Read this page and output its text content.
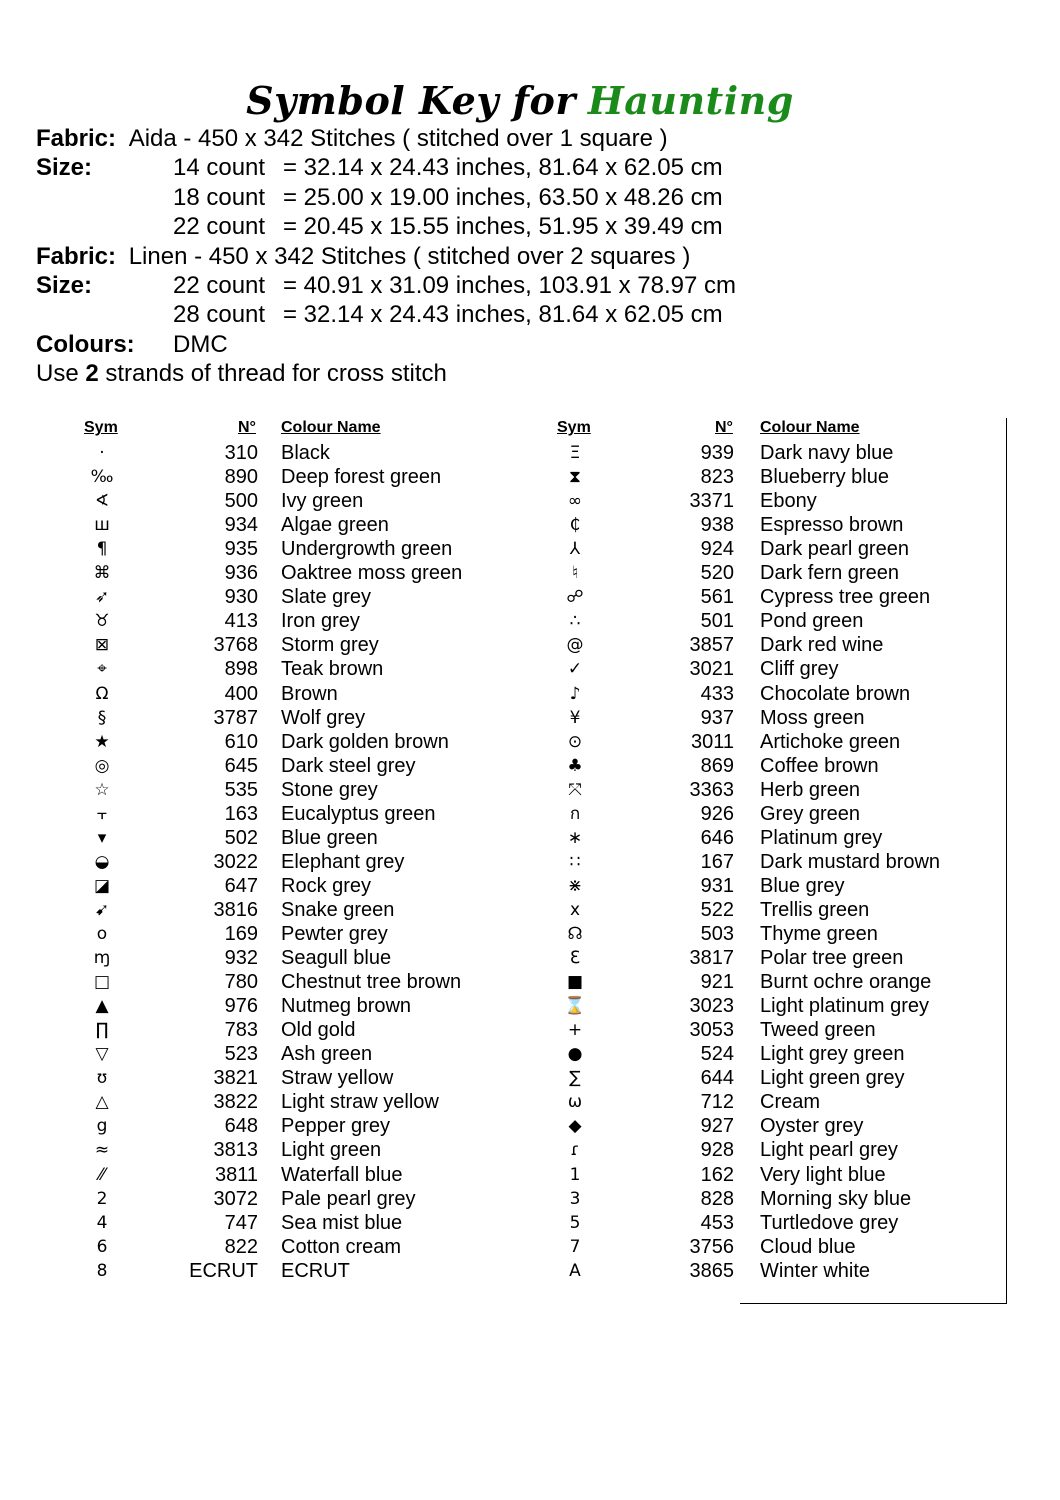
Symbol Key for Haunting
Fabric: Aida - 450 x 342 Stitches ( stitched over 1 square )
Size:	14 count = 32.14 x 24.43 inches, 81.64 x 62.05 cm
18 count = 25.00 x 19.00 inches, 63.50 x 48.26 cm
22 count = 20.45 x 15.55 inches, 51.95 x 39.49 cm
Fabric: Linen - 450 x 342 Stitches ( stitched over 2 squares )
Size:	22 count = 40.91 x 31.09 inches, 103.91 x 78.97 cm
28 count = 32.14 x 24.43 inches, 81.64 x 62.05 cm
Colours: DMC
Use 2 strands of thread for cross stitch
Sym	N° Colour Name
·	310 Black
‰	890 Deep forest green
∢	500 Ivy green
ш	934 Algae green
¶	935 Undergrowth green
⌘	936 Oaktree moss green
➶	930 Slate grey
♉	413 Iron grey
⊠	3768 Storm grey
⌖	898 Teak brown
Ω	400 Brown
§	3787 Wolf grey
★	610 Dark golden brown
◎	645 Dark steel grey
☆	535 Stone grey
⫟	163 Eucalyptus green
▾	502 Blue green
◒	3022 Elephant grey
◪	647 Rock grey
➹	3816 Snake green
o	169 Pewter grey
ɱ	932 Seagull blue
□	780 Chestnut tree brown
▲	976 Nutmeg brown
∏	783 Old gold
▽	523 Ash green
ʊ	3821 Straw yellow
△	3822 Light straw yellow
g	648 Pepper grey
≈	3813 Light green
⁄⁄	3811 Waterfall blue
2	3072 Pale pearl grey
4	747 Sea mist blue
6	822 Cotton cream
8	ECRUT ECRUT
Sym	N° Colour Name
Ξ	939 Dark navy blue
⧗	823 Blueberry blue
∞	3371 Ebony
₵	938 Espresso brown
⅄	924 Dark pearl green
♮	520 Dark fern green
☍	561 Cypress tree green
∴	501 Pond green
@	3857 Dark red wine
✓	3021 Cliff grey
♪	433 Chocolate brown
¥	937 Moss green
⊙	3011 Artichoke green
♣	869 Coffee brown
⤧	3363 Herb green
ก	926 Grey green
∗	646 Platinum grey
∷	167 Dark mustard brown
⋇	931 Blue grey
x	522 Trellis green
☊	503 Thyme green
ℇ	3817 Polar tree green
■	921 Burnt ochre orange
⌛	3023 Light platinum grey
+	3053 Tweed green
●	524 Light grey green
∑	644 Light green grey
ω	712 Cream
◆	927 Oyster grey
ɾ	928 Light pearl grey
1	162 Very light blue
3	828 Morning sky blue
5	453 Turtledove grey
7	3756 Cloud blue
A	3865 Winter white
